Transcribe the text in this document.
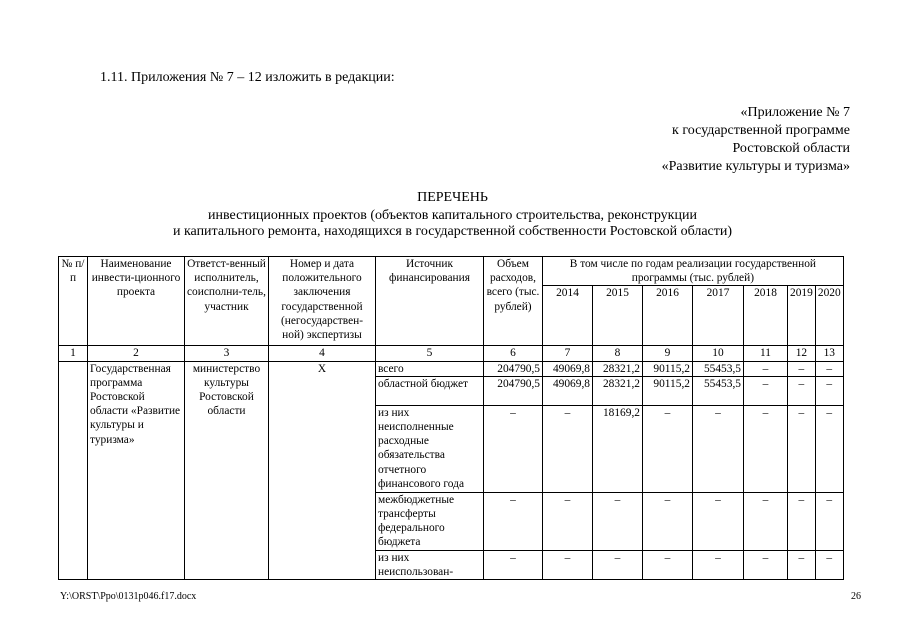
1.11. Приложения № 7 – 12 изложить в редакции:
«Приложение № 7
к государственной программе
Ростовской области
«Развитие культуры и туризма»
ПЕРЕЧЕНЬ
инвестиционных проектов (объектов капитального строительства, реконструкции
и капитального ремонта, находящихся в государственной собственности Ростовской области)
№ п/п	Наименование инвести-ционного проекта	Ответст-венный исполнитель, соисполни-тель, участник	Номер и дата положительного заключения государственной (негосударствен-ной) экспертизы	Источник финансирования	Объем расходов, всего (тыс. рублей)	В том числе по годам реализации государственной программы (тыс. рублей)						
						2014	2015	2016	2017	2018	2019	2020
1	2	3	4	5	6	7	8	9	10	11	12	13
	Государственная программа Ростовской области «Развитие культуры и туризма»	министерство культуры Ростовской области	Х	всего	204790,5	49069,8	28321,2	90115,2	55453,5	–	–	–
				областной бюджет	204790,5	49069,8	28321,2	90115,2	55453,5	–	–	–
				из них неисполненные расходные обязательства отчетного финансового года	–	–	18169,2	–	–	–	–	–
				межбюджетные трансферты федерального бюджета	–	–	–	–	–	–	–	–
				из них неиспользован-	–	–	–	–	–	–	–	–
Y:\ORST\Ppo\0131p046.f17.docx	26
